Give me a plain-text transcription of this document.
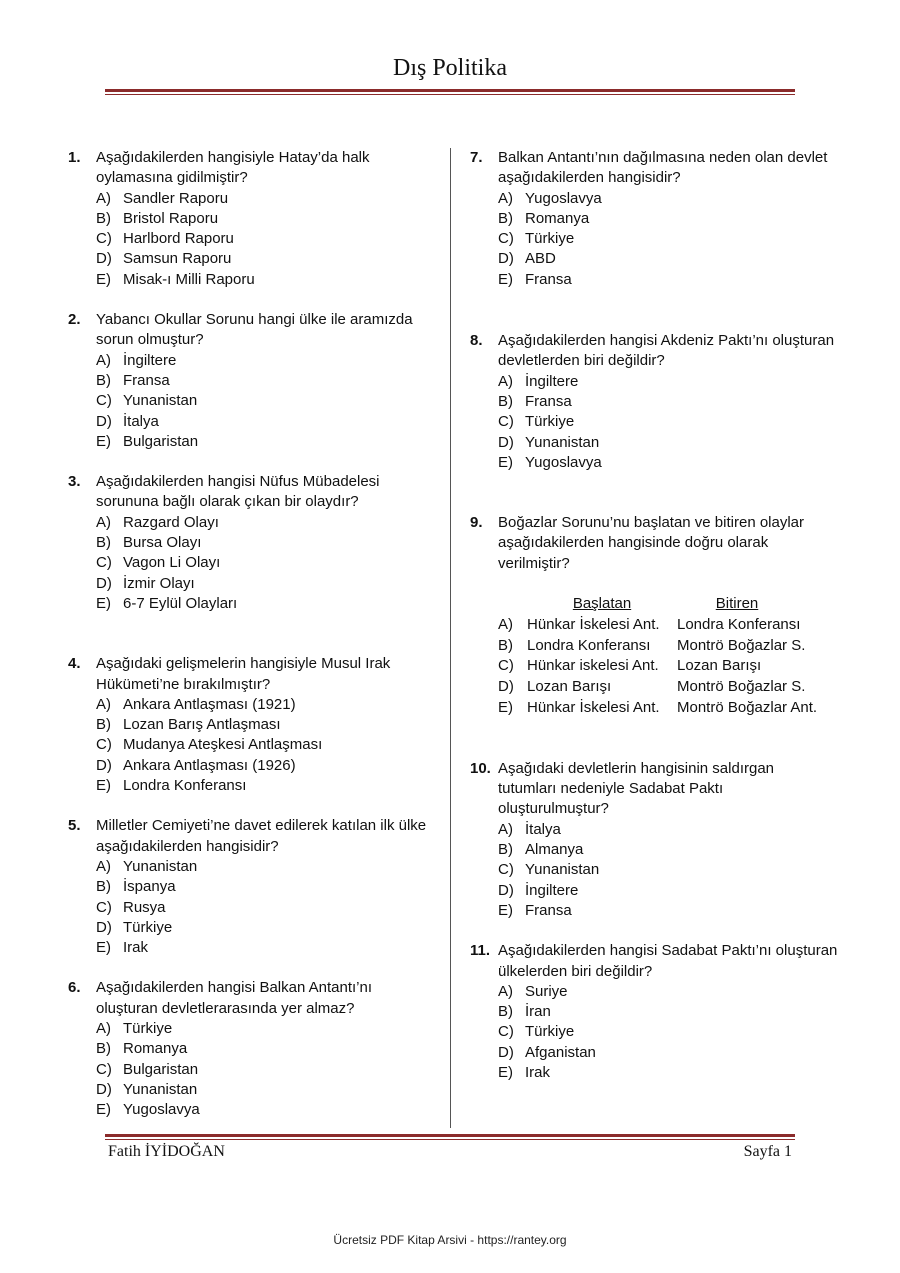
Dış Politika
1. Aşağıdakilerden hangisiyle Hatay’da halk
oylamasına gidilmiştir?
A) Sandler Raporu
B) Bristol Raporu
C) Harlbord Raporu
D) Samsun Raporu
E) Misak-ı Milli Raporu
2. Yabancı Okullar Sorunu hangi ülke ile aramızda
sorun olmuştur?
A) İngiltere
B) Fransa
C) Yunanistan
D) İtalya
E) Bulgaristan
3. Aşağıdakilerden hangisi Nüfus Mübadelesi
sorununa bağlı olarak çıkan bir olaydır?
A) Razgard Olayı
B) Bursa Olayı
C) Vagon Li Olayı
D) İzmir Olayı
E) 6-7 Eylül Olayları
4. Aşağıdaki gelişmelerin hangisiyle Musul Irak
Hükümeti’ne bırakılmıştır?
A) Ankara Antlaşması (1921)
B) Lozan Barış Antlaşması
C) Mudanya Ateşkesi Antlaşması
D) Ankara Antlaşması (1926)
E) Londra Konferansı
5. Milletler Cemiyeti’ne davet edilerek katılan ilk ülke
aşağıdakilerden hangisidir?
A) Yunanistan
B) İspanya
C) Rusya
D) Türkiye
E) Irak
6. Aşağıdakilerden hangisi Balkan Antantı’nı
oluşturan devletlerarasında yer almaz?
A) Türkiye
B) Romanya
C) Bulgaristan
D) Yunanistan
E) Yugoslavya
7. Balkan Antantı’nın dağılmasına neden olan devlet
aşağıdakilerden hangisidir?
A) Yugoslavya
B) Romanya
C) Türkiye
D) ABD
E) Fransa
8. Aşağıdakilerden hangisi Akdeniz Paktı’nı oluşturan
devletlerden biri değildir?
A) İngiltere
B) Fransa
C) Türkiye
D) Yunanistan
E) Yugoslavya
9. Boğazlar Sorunu’nu başlatan ve bitiren olaylar
aşağıdakilerden hangisinde doğru olarak
verilmiştir?
Başlatan	Bitiren
A) Hünkar İskelesi Ant.	Londra Konferansı
B) Londra Konferansı	Montrö Boğazlar S.
C) Hünkar iskelesi Ant.	Lozan Barışı
D) Lozan Barışı	Montrö Boğazlar S.
E) Hünkar İskelesi Ant.	Montrö Boğazlar Ant.
10. Aşağıdaki devletlerin hangisinin saldırgan
tutumları nedeniyle Sadabat Paktı
oluşturulmuştur?
A) İtalya
B) Almanya
C) Yunanistan
D) İngiltere
E) Fransa
11. Aşağıdakilerden hangisi Sadabat Paktı’nı oluşturan
ülkelerden biri değildir?
A) Suriye
B) İran
C) Türkiye
D) Afganistan
E) Irak
Fatih İYİDOĞAN	Sayfa 1
Ücretsiz PDF Kitap Arsivi - https://rantey.org
